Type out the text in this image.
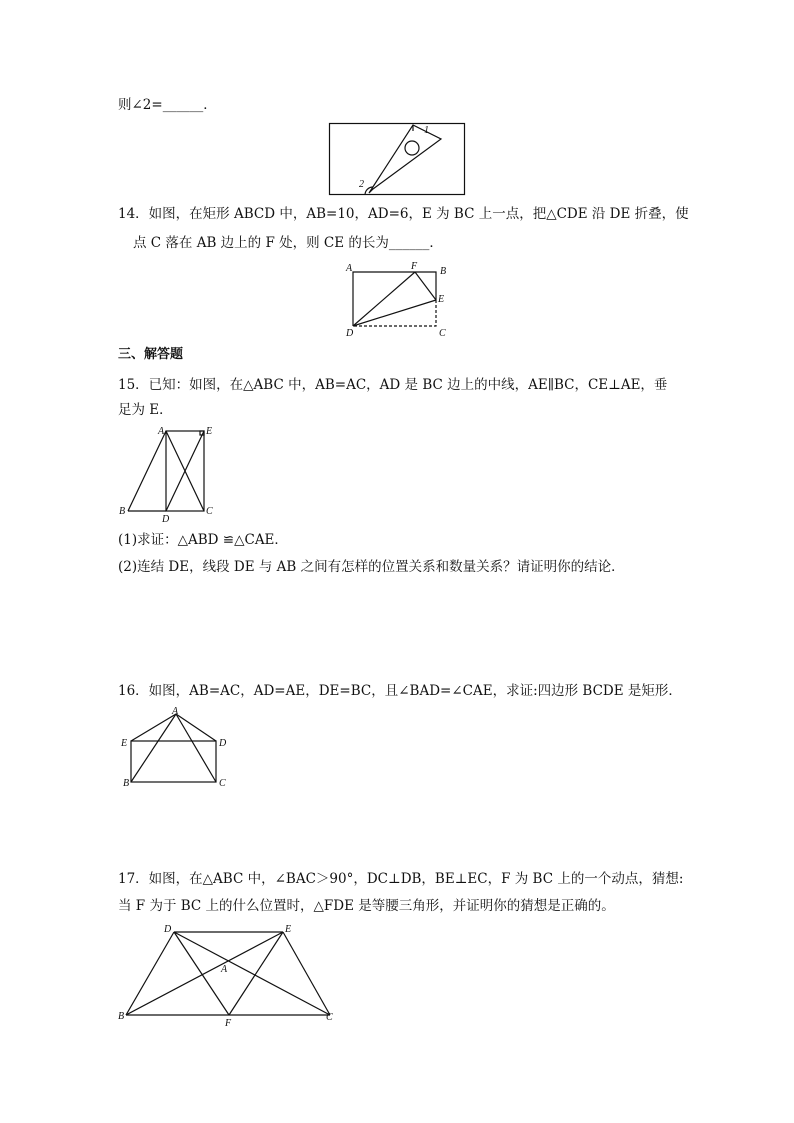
则∠2=______．
1
2
14．如图，在矩形 ABCD 中，AB=10，AD=6，E 为 BC 上一点，把△CDE 沿 DE 折叠，使
点 C 落在 AB 边上的 F 处，则 CE 的长为______．
A	F B
E
D	C
三、解答题
15．已知：如图，在△ABC 中，AB=AC，AD 是 BC 边上的中线，AE∥BC，CE⊥AE，垂
足为 E．
A	E
B
D
C
(1)求证：△ABD ≌△CAE．
(2)连结 DE，线段 DE 与 AB 之间有怎样的位置关系和数量关系？请证明你的结论．
16．如图，AB=AC，AD=AE，DE=BC，且∠BAD=∠CAE，求证:四边形 BCDE 是矩形．
A
E	D
B	C
17．如图，在△ABC 中，∠BAC＞90°，DC⊥DB，BE⊥EC，F 为 BC 上的一个动点，猜想:
当 F 为于 BC 上的什么位置时，△FDE 是等腰三角形，并证明你的猜想是正确的。
D	E
A
B
F
C
